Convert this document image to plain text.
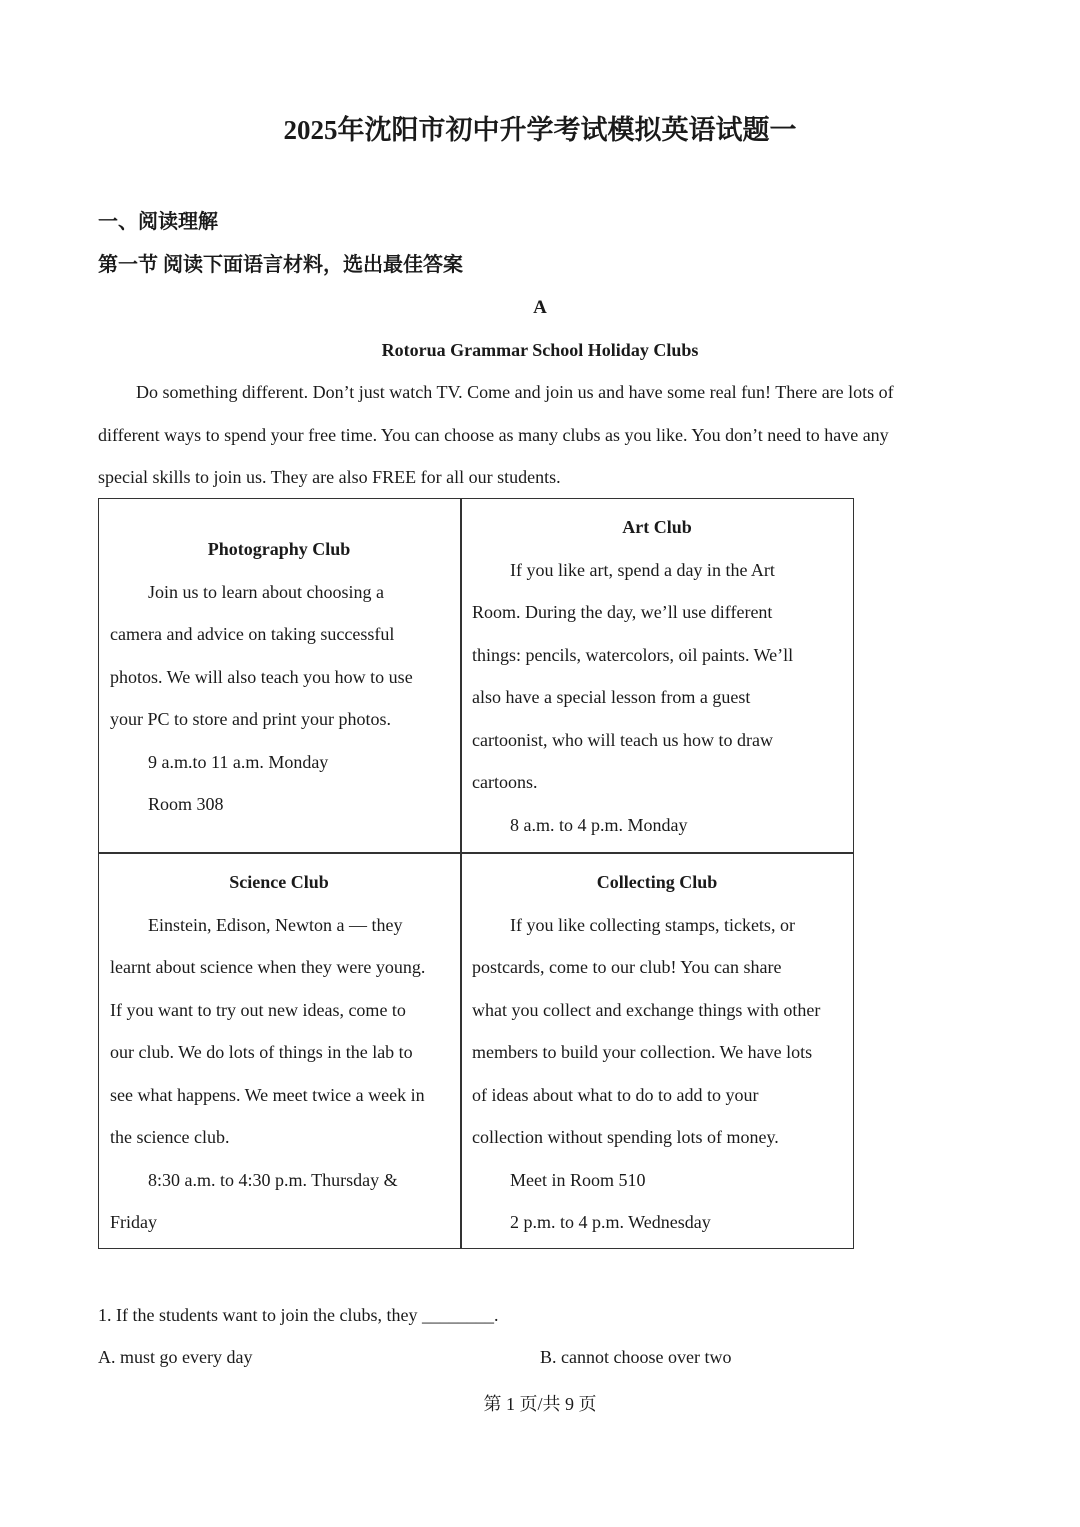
2025年沈阳市初中升学考试模拟英语试题一
一、阅读理解
第一节 阅读下面语言材料，选出最佳答案
A
Rotorua Grammar School Holiday Clubs
1. If the students want to join the clubs, they ________.
A. must go every day	B. cannot choose over two
第 1 页/共 9 页
Do something different. Don’t just watch TV. Come and join us and have some real fun! There are lots of
different ways to spend your free time. You can choose as many clubs as you like. You don’t need to have any
special skills to join us. They are also FREE for all our students.
Photography Club
Join us to learn about choosing a
camera and advice on taking successful
photos. We will also teach you how to use
your PC to store and print your photos.
9 a.m.to 11 a.m. Monday
Room 308
Art Club
If you like art, spend a day in the Art
Room. During the day, we’ll use different
things: pencils, watercolors, oil paints. We’ll
also have a special lesson from a guest
cartoonist, who will teach us how to draw
cartoons.
8 a.m. to 4 p.m. Monday
Science Club
Einstein, Edison, Newton a — they
learnt about science when they were young.
If you want to try out new ideas, come to
our club. We do lots of things in the lab to
see what happens. We meet twice a week in
the science club.
8:30 a.m. to 4:30 p.m. Thursday &
Friday
Collecting Club
If you like collecting stamps, tickets, or
postcards, come to our club! You can share
what you collect and exchange things with other
members to build your collection. We have lots
of ideas about what to do to add to your
collection without spending lots of money.
Meet in Room 510
2 p.m. to 4 p.m. Wednesday
